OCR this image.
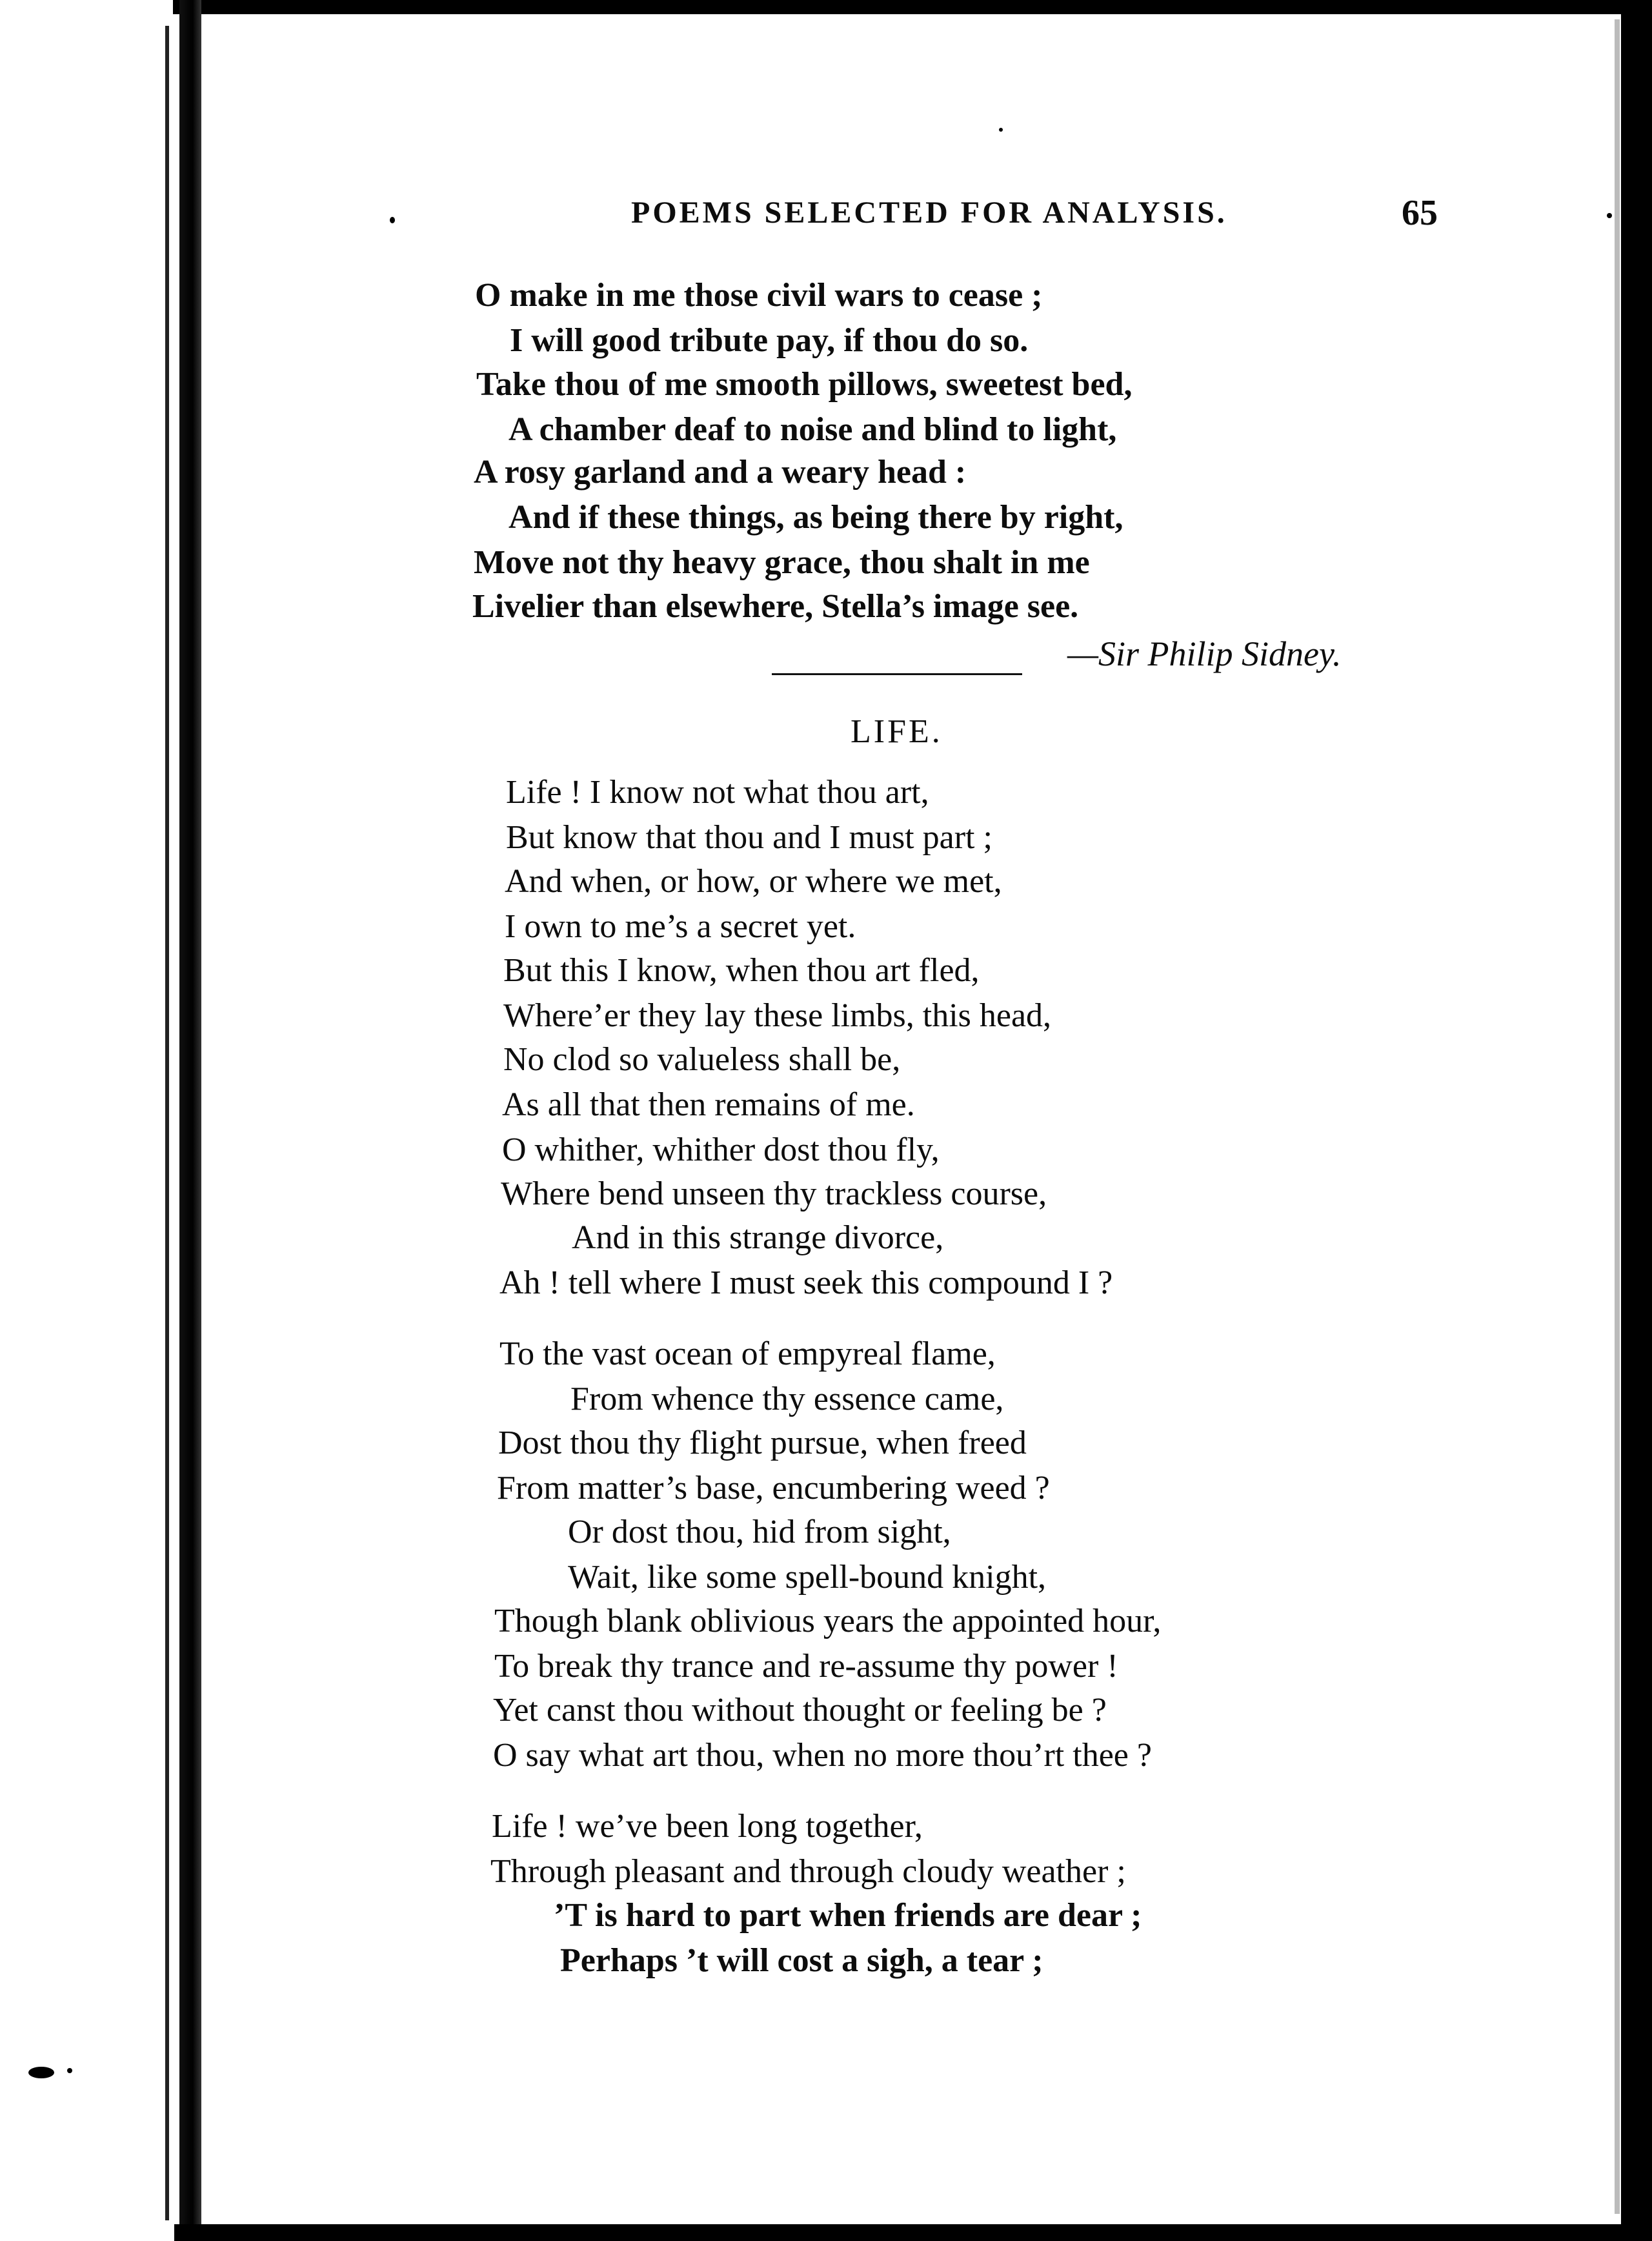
POEMS SELECTED FOR ANALYSIS.	65
O make in me those civil wars to cease ;
I will good tribute pay, if thou do so.
Take thou of me smooth pillows, sweetest bed,
A chamber deaf to noise and blind to light,
A rosy garland and a weary head :
And if these things, as being there by right,
Move not thy heavy grace, thou shalt in me
Livelier than elsewhere, Stella’s image see.
—Sir Philip Sidney.
LIFE.
Life ! I know not what thou art,
But know that thou and I must part ;
And when, or how, or where we met,
I own to me’s a secret yet.
But this I know, when thou art fled,
Where’er they lay these limbs, this head,
No clod so valueless shall be,
As all that then remains of me.
O whither, whither dost thou fly,
Where bend unseen thy trackless course,
And in this strange divorce,
Ah ! tell where I must seek this compound I ?
To the vast ocean of empyreal flame,
From whence thy essence came,
Dost thou thy flight pursue, when freed
From matter’s base, encumbering weed ?
Or dost thou, hid from sight,
Wait, like some spell-bound knight,
Though blank oblivious years the appointed hour,
To break thy trance and re-assume thy power !
Yet canst thou without thought or feeling be ?
O say what art thou, when no more thou’rt thee ?
Life ! we’ve been long together,
Through pleasant and through cloudy weather ;
’T is hard to part when friends are dear ;
Perhaps ’t will cost a sigh, a tear ;
